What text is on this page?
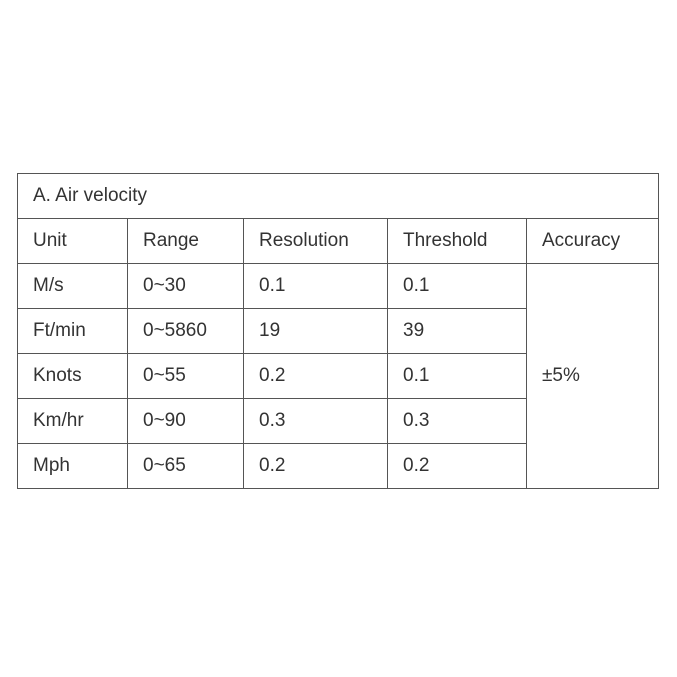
A. Air velocity				
Unit	Range	Resolution	Threshold	Accuracy
M/s	0~30	0.1	0.1	±5%
Ft/min	0~5860	19	39	
Knots	0~55	0.2	0.1	
Km/hr	0~90	0.3	0.3	
Mph	0~65	0.2	0.2	
